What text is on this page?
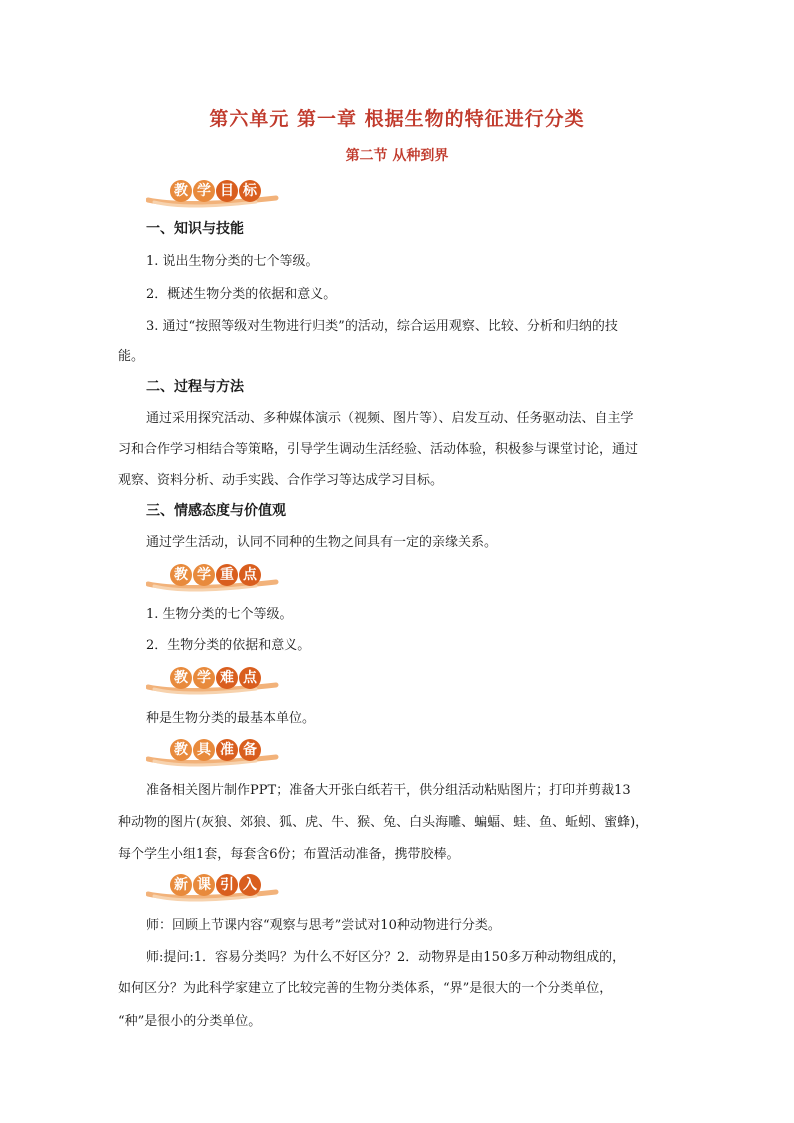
第六单元 第一章 根据生物的特征进行分类
第二节 从种到界
教 学 目 标
一、知识与技能
1. 说出生物分类的七个等级。
2．概述生物分类的依据和意义。
3. 通过“按照等级对生物进行归类”的活动，综合运用观察、比较、分析和归纳的技
能。
二、过程与方法
通过采用探究活动、多种媒体演示（视频、图片等）、启发互动、任务驱动法、自主学
习和合作学习相结合等策略，引导学生调动生活经验、活动体验，积极参与课堂讨论，通过
观察、资料分析、动手实践、合作学习等达成学习目标。
三、情感态度与价值观
通过学生活动，认同不同种的生物之间具有一定的亲缘关系。
教 学 重 点
1. 生物分类的七个等级。
2．生物分类的依据和意义。
教 学 难 点
种是生物分类的最基本单位。
教 具 准 备
准备相关图片制作PPT；准备大开张白纸若干，供分组活动粘贴图片；打印并剪裁13
种动物的图片(灰狼、郊狼、狐、虎、牛、猴、兔、白头海雕、蝙蝠、蛙、鱼、蚯蚓、蜜蜂)，
每个学生小组1套，每套含6份；布置活动准备，携带胶棒。
新 课 引 入
师：回顾上节课内容“观察与思考”尝试对10种动物进行分类。
师:提问:1．容易分类吗？为什么不好区分？2．动物界是由150多万种动物组成的，
如何区分？为此科学家建立了比较完善的生物分类体系，“界”是很大的一个分类单位，
“种”是很小的分类单位。
